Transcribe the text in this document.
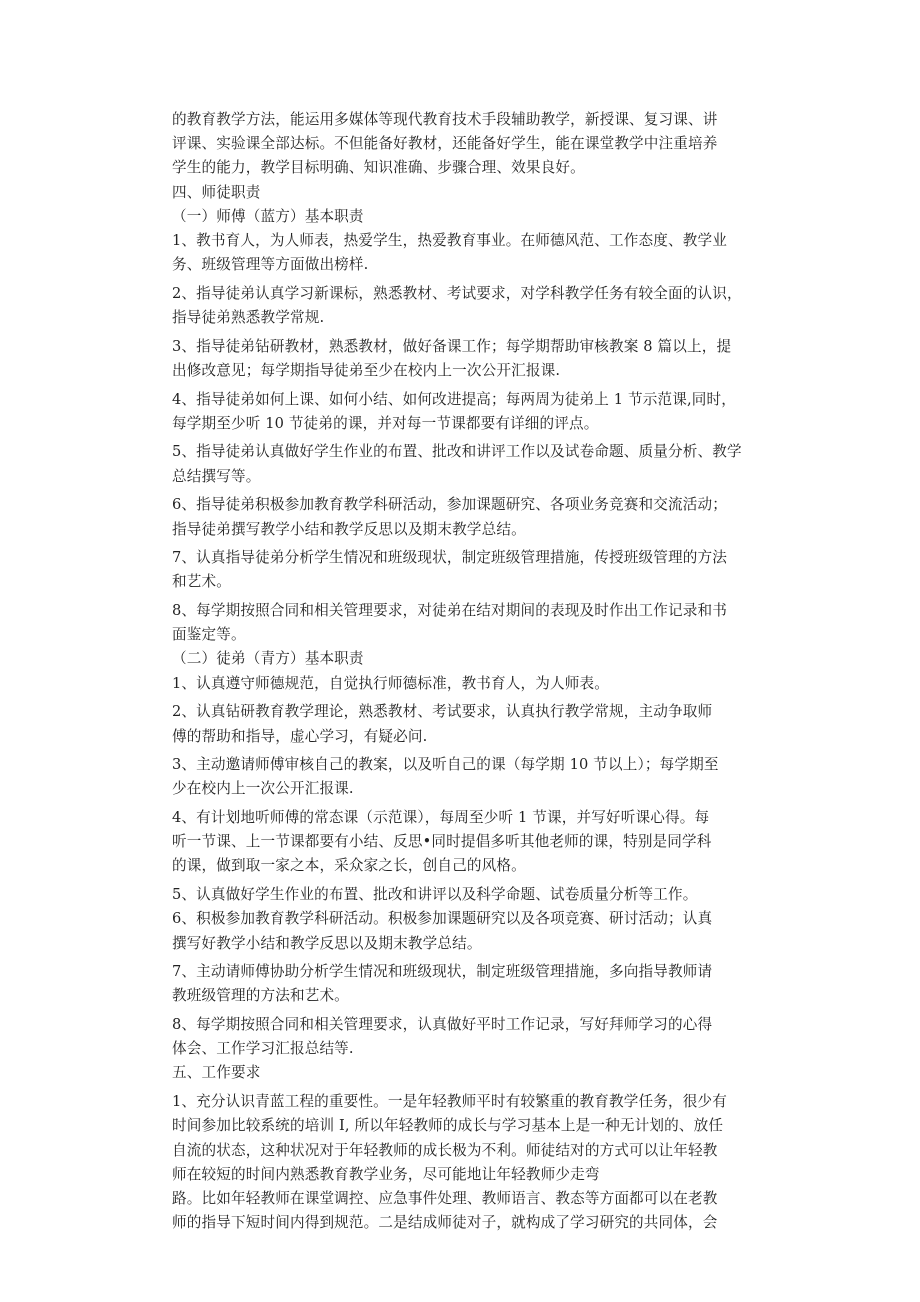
的教育教学方法，能运用多媒体等现代教育技术手段辅助教学，新授课、复习课、讲
评课、实验课全部达标。不但能备好教材，还能备好学生，能在课堂教学中注重培养
学生的能力，教学目标明确、知识准确、步骤合理、效果良好。
四、师徒职责
（一）师傅（蓝方）基本职责
1、教书育人，为人师表，热爱学生，热爱教育事业。在师德风范、工作态度、教学业
务、班级管理等方面做出榜样.
2、指导徒弟认真学习新课标，熟悉教材、考试要求，对学科教学任务有较全面的认识，
指导徒弟熟悉教学常规.
3、指导徒弟钻研教材，熟悉教材，做好备课工作；每学期帮助审核教案 8 篇以上，提
出修改意见；每学期指导徒弟至少在校内上一次公开汇报课.
4、指导徒弟如何上课、如何小结、如何改进提高；每两周为徒弟上 1 节示范课,同时，
每学期至少听 10 节徒弟的课，并对每一节课都要有详细的评点。
5、指导徒弟认真做好学生作业的布置、批改和讲评工作以及试卷命题、质量分析、教学
总结撰写等。
6、指导徒弟积极参加教育教学科研活动，参加课题研究、各项业务竞赛和交流活动；
指导徒弟撰写教学小结和教学反思以及期末教学总结。
7、认真指导徒弟分析学生情况和班级现状，制定班级管理措施，传授班级管理的方法
和艺术。
8、每学期按照合同和相关管理要求，对徒弟在结对期间的表现及时作出工作记录和书
面鉴定等。
（二）徒弟（青方）基本职责
1、认真遵守师德规范，自觉执行师德标准，教书育人，为人师表。
2、认真钻研教育教学理论，熟悉教材、考试要求，认真执行教学常规，主动争取师
傅的帮助和指导，虚心学习，有疑必问.
3、主动邀请师傅审核自己的教案，以及听自己的课（每学期 10 节以上）；每学期至
少在校内上一次公开汇报课.
4、有计划地听师傅的常态课（示范课），每周至少听 1 节课，并写好听课心得。每
听一节课、上一节课都要有小结、反思•同时提倡多听其他老师的课，特别是同学科
的课，做到取一家之本，采众家之长，创自己的风格。
5、认真做好学生作业的布置、批改和讲评以及科学命题、试卷质量分析等工作。
6、积极参加教育教学科研活动。积极参加课题研究以及各项竞赛、研讨活动；认真
撰写好教学小结和教学反思以及期末教学总结。
7、主动请师傅协助分析学生情况和班级现状，制定班级管理措施，多向指导教师请
教班级管理的方法和艺术。
8、每学期按照合同和相关管理要求，认真做好平时工作记录，写好拜师学习的心得
体会、工作学习汇报总结等.
五、工作要求
1、充分认识青蓝工程的重要性。一是年轻教师平时有较繁重的教育教学任务，很少有
时间参加比较系统的培训 I, 所以年轻教师的成长与学习基本上是一种无计划的、放任
自流的状态，这种状况对于年轻教师的成长极为不利。师徒结对的方式可以让年轻教
师在较短的时间内熟悉教育教学业务，尽可能地让年轻教师少走弯
路。比如年轻教师在课堂调控、应急事件处理、教师语言、教态等方面都可以在老教
师的指导下短时间内得到规范。二是结成师徒对子，就构成了学习研究的共同体，会
